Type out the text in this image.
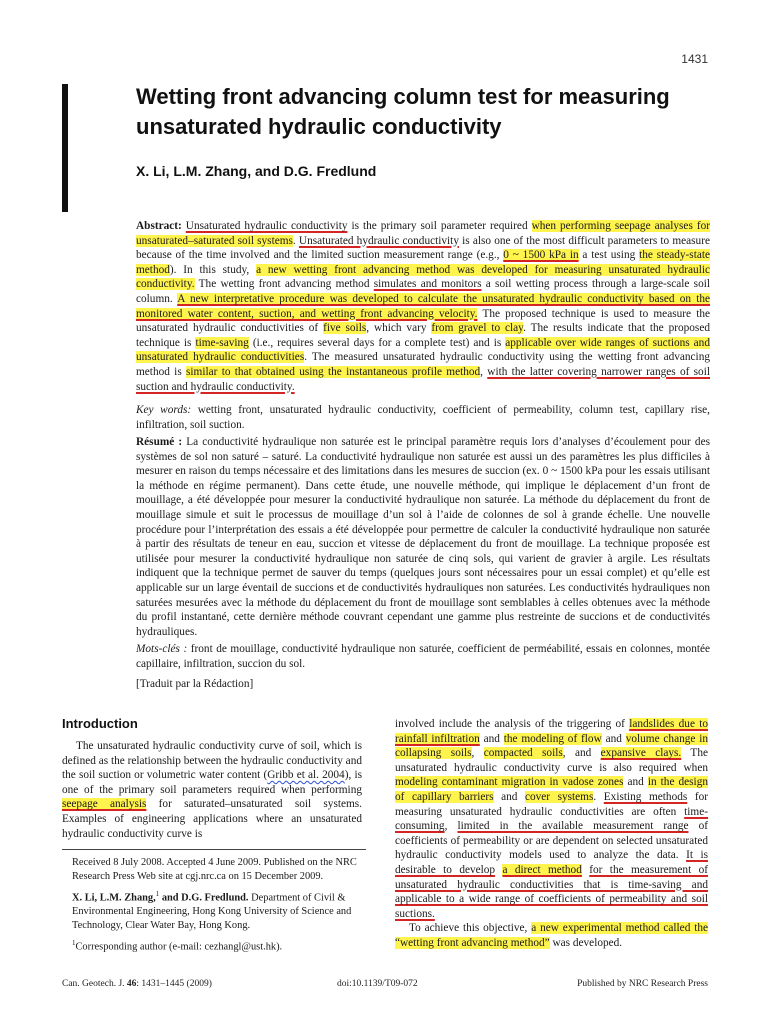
1431
Wetting front advancing column test for measuring unsaturated hydraulic conductivity
X. Li, L.M. Zhang, and D.G. Fredlund

Abstract: Unsaturated hydraulic conductivity is the primary soil parameter required when performing seepage analyses for unsaturated–saturated soil systems. Unsaturated hydraulic conductivity is also one of the most difficult parameters to measure because of the time involved and the limited suction measurement range (e.g., 0 ~ 1500 kPa in a test using the steady-state method). In this study, a new wetting front advancing method was developed for measuring unsaturated hydraulic conductivity. The wetting front advancing method simulates and monitors a soil wetting process through a large-scale soil column. A new interpretative procedure was developed to calculate the unsaturated hydraulic conductivity based on the monitored water content, suction, and wetting front advancing velocity. The proposed technique is used to measure the unsaturated hydraulic conductivities of five soils, which vary from gravel to clay. The results indicate that the proposed technique is time-saving (i.e., requires several days for a complete test) and is applicable over wide ranges of suctions and unsaturated hydraulic conductivities. The measured unsaturated hydraulic conductivity using the wetting front advancing method is similar to that obtained using the instantaneous profile method, with the latter covering narrower ranges of soil suction and hydraulic conductivity.

Key words: wetting front, unsaturated hydraulic conductivity, coefficient of permeability, column test, capillary rise, infiltration, soil suction.

Résumé : La conductivité hydraulique non saturée est le principal paramètre requis lors d’analyses d’écoulement pour des systèmes de sol non saturé – saturé. La conductivité hydraulique non saturée est aussi un des paramètres les plus difficiles à mesurer en raison du temps nécessaire et des limitations dans les mesures de succion (ex. 0 ~ 1500 kPa pour les essais utilisant la méthode en régime permanent). Dans cette étude, une nouvelle méthode, qui implique le déplacement d’un front de mouillage, a été développée pour mesurer la conductivité hydraulique non saturée. La méthode du déplacement du front de mouillage simule et suit le processus de mouillage d’un sol à l’aide de colonnes de sol à grande échelle. Une nouvelle procédure pour l’interprétation des essais a été développée pour permettre de calculer la conductivité hydraulique non saturée à partir des résultats de teneur en eau, succion et vitesse de déplacement du front de mouillage. La technique proposée est utilisée pour mesurer la conductivité hydraulique non saturée de cinq sols, qui varient de gravier à argile. Les résultats indiquent que la technique permet de sauver du temps (quelques jours sont nécessaires pour un essai complet) et qu’elle est applicable sur un large éventail de succions et de conductivités hydrauliques non saturées. Les conductivités hydrauliques non saturées mesurées avec la méthode du déplacement du front de mouillage sont semblables à celles obtenues avec la méthode du profil instantané, cette dernière méthode couvrant cependant une gamme plus restreinte de succions et de conductivités hydrauliques.

Mots-clés : front de mouillage, conductivité hydraulique non saturée, coefficient de perméabilité, essais en colonnes, montée capillaire, infiltration, succion du sol.

[Traduit par la Rédaction]

Introduction

The unsaturated hydraulic conductivity curve of soil, which is defined as the relationship between the hydraulic conductivity and the soil suction or volumetric water content (Gribb et al. 2004), is one of the primary soil parameters required when performing seepage analysis for saturated–unsaturated soil systems. Examples of engineering applications where an unsaturated hydraulic conductivity curve is

involved include the analysis of the triggering of landslides due to rainfall infiltration and the modeling of flow and volume change in collapsing soils, compacted soils, and expansive clays. The unsaturated hydraulic conductivity curve is also required when modeling contaminant migration in vadose zones and in the design of capillary barriers and cover systems. Existing methods for measuring unsaturated hydraulic conductivities are often time-consuming, limited in the available measurement range of coefficients of permeability or are dependent on selected unsaturated hydraulic conductivity models used to analyze the data. It is desirable to develop a direct method for the measurement of unsaturated hydraulic conductivities that is time-saving and applicable to a wide range of coefficients of permeability and soil suctions.

To achieve this objective, a new experimental method called the “wetting front advancing method” was developed.

Received 8 July 2008. Accepted 4 June 2009. Published on the NRC Research Press Web site at cgj.nrc.ca on 15 December 2009.

X. Li, L.M. Zhang,$^1$ and D.G. Fredlund. Department of Civil & Environmental Engineering, Hong Kong University of Science and Technology, Clear Water Bay, Hong Kong.

$^1$Corresponding author (e-mail: cezhangl@ust.hk).

Can. Geotech. J. 46: 1431–1445 (2009)	doi:10.1139/T09-072	Published by NRC Research Press
